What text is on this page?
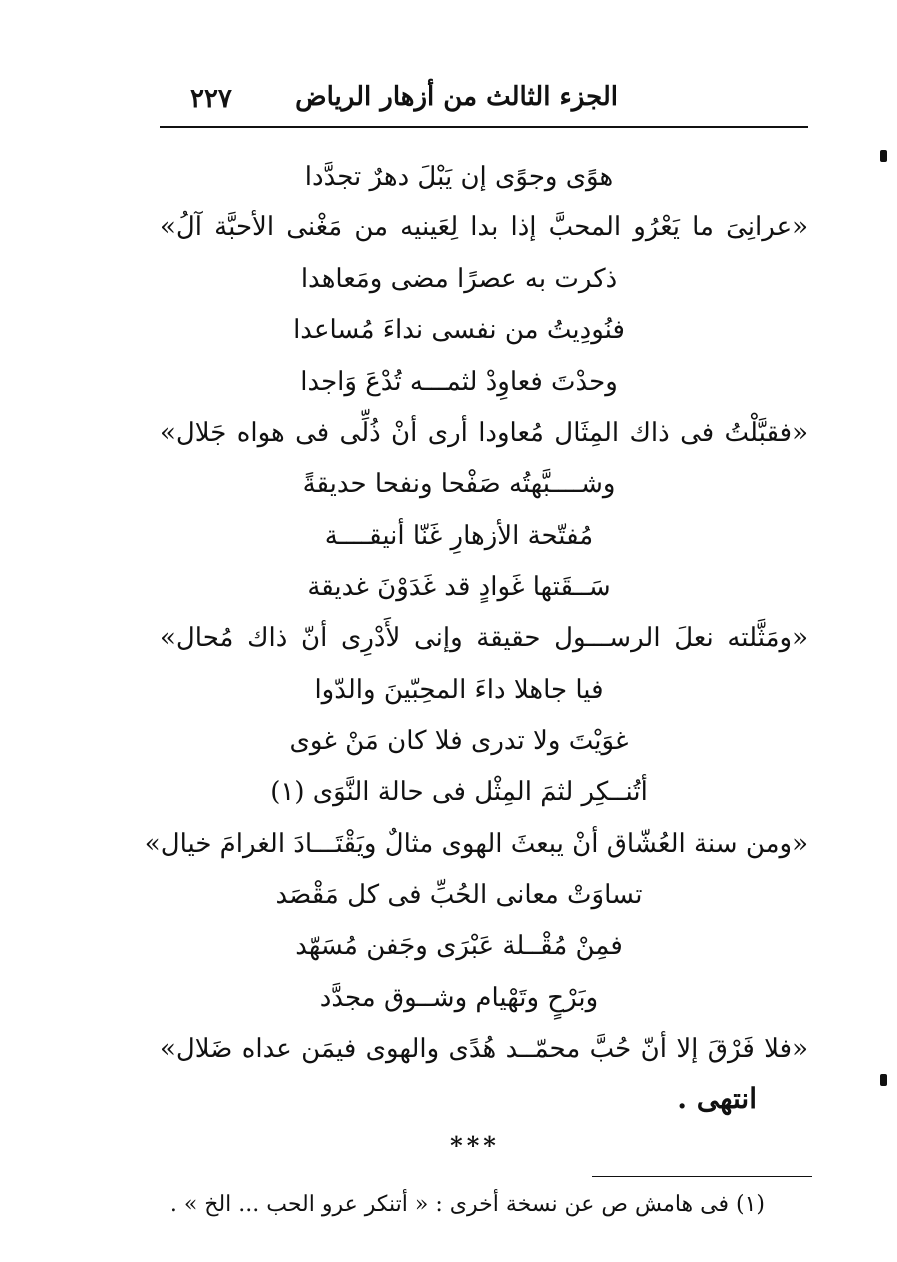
٢٢٧ الجزء الثالث من أزهار الرياض
هوًى وجوًى إن يَبْلَ دهرٌ تجدَّدا
«عرانِىَ ما يَعْرُو المحبَّ إذا بدا لِعَينيه من مَغْنى الأحبَّة آلُ»
ذكرت به عصرًا مضى ومَعاهدا
فنُودِيتُ من نفسى نداءَ مُساعدا
وحدْتَ فعاوِدْ لثمـــه تُدْعَ وَاجدا
«فقبَّلْتُ فى ذاك المِثَال مُعاودا أرى أنْ ذُلِّى فى هواه جَلال»
وشــــبَّهتُه صَفْحا ونفحا حديقةً
مُفتّحة الأزهارِ غَنّا أنيقــــة
سَــقَتها غَوادٍ قد غَدَوْنَ غديقة
«ومَثَّلته نعلَ الرســـول حقيقة وإنى لأَدْرِى أنّ ذاك مُحال»
فيا جاهلا داءَ المحِبّينَ والدّوا
غوَيْتَ ولا تدرى فلا كان مَنْ غوى
أتُنــكِر لثمَ المِثْل فى حالة النَّوَى (١)
«ومن سنة العُشّاق أنْ يبعثَ الهوى مثالٌ ويَقْتَـــادَ الغرامَ خيال»
تساوَتْ معانى الحُبِّ فى كل مَقْصَد
فمِنْ مُقْــلة عَبْرَى وجَفن مُسَهّد
وبَرْحٍ وتَهْيام وشــوق مجدَّد
«فلا فَرْقَ إلا أنّ حُبَّ محمّــد هُدًى والهوى فيمَن عداه ضَلال»
انتهى .
***
(١) فى هامش ص عن نسخة أخرى : « أتنكر عرو الحب ... الخ » .
